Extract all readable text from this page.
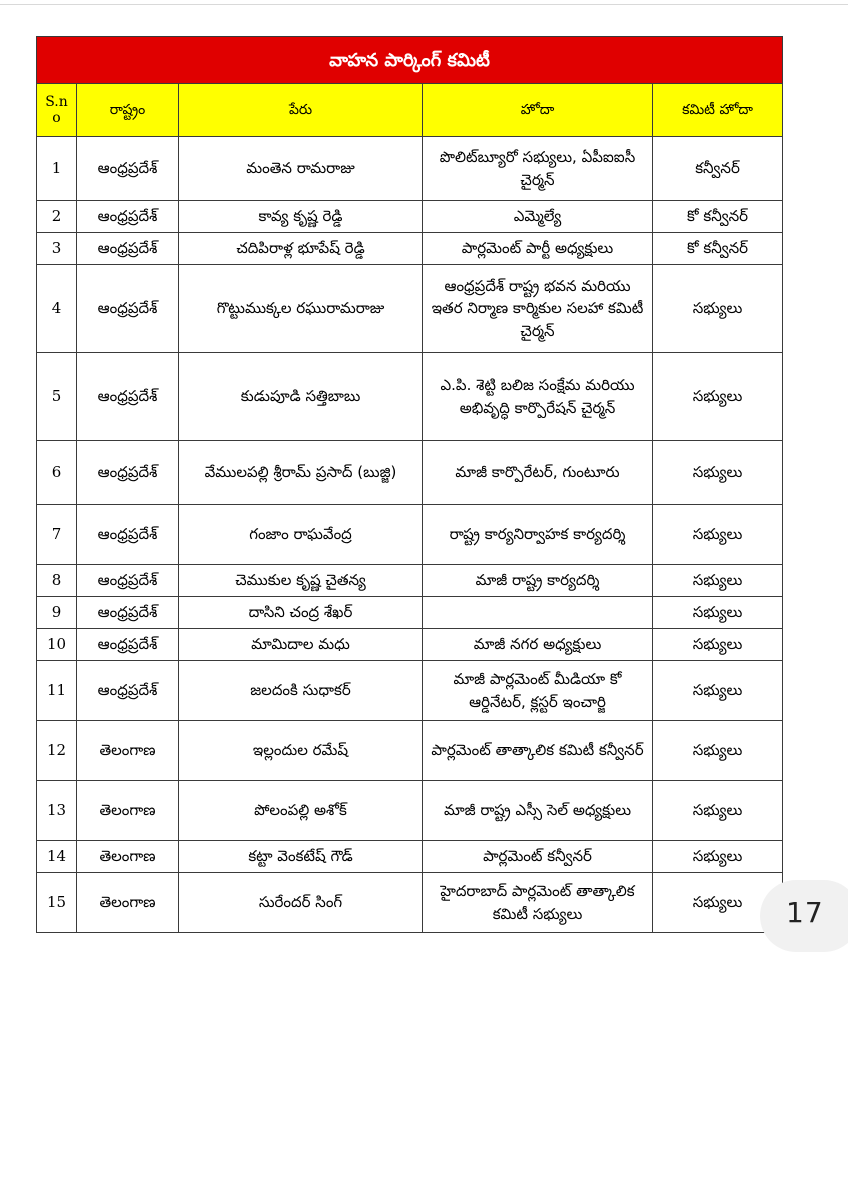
వాహన పార్కింగ్ కమిటీ				
S.n o	రాష్ట్రం	పేరు	హోదా	కమిటీ హోదా
1	ఆంధ్రప్రదేశ్	మంతెన రామరాజు	పొలిట్‌బ్యూరో సభ్యులు, ఏపీఐఐసీ చైర్మన్	కన్వీనర్
2	ఆంధ్రప్రదేశ్	కావ్య కృష్ణ రెడ్డి	ఎమ్మెల్యే	కో కన్వీనర్
3	ఆంధ్రప్రదేశ్	చదిపిరాళ్ల భూపేష్ రెడ్డి	పార్లమెంట్ పార్టీ అధ్యక్షులు	కో కన్వీనర్
4	ఆంధ్రప్రదేశ్	గొట్టుముక్కల రఘురామరాజు	ఆంధ్రప్రదేశ్ రాష్ట్ర భవన మరియు ఇతర నిర్మాణ కార్మికుల సలహా కమిటీ చైర్మన్	సభ్యులు
5	ఆంధ్రప్రదేశ్	కుడుపూడి సత్తిబాబు	ఎ.పి. శెట్టి బలిజ సంక్షేమ మరియు అభివృద్ధి కార్పొరేషన్ చైర్మన్	సభ్యులు
6	ఆంధ్రప్రదేశ్	వేములపల్లి శ్రీరామ్ ప్రసాద్ (బుజ్జి)	మాజీ కార్పొరేటర్, గుంటూరు	సభ్యులు
7	ఆంధ్రప్రదేశ్	గంజాం రాఘవేంద్ర	రాష్ట్ర కార్యనిర్వాహక కార్యదర్శి	సభ్యులు
8	ఆంధ్రప్రదేశ్	చెముకుల కృష్ణ చైతన్య	మాజీ రాష్ట్ర కార్యదర్శి	సభ్యులు
9	ఆంధ్రప్రదేశ్	దాసిని చంద్ర శేఖర్		సభ్యులు
10	ఆంధ్రప్రదేశ్	మామిదాల మధు	మాజీ నగర అధ్యక్షులు	సభ్యులు
11	ఆంధ్రప్రదేశ్	జలదంకి సుధాకర్	మాజీ పార్లమెంట్ మీడియా కో ఆర్డినేటర్, క్లస్టర్ ఇంచార్జి	సభ్యులు
12	తెలంగాణ	ఇల్లందుల రమేష్	పార్లమెంట్ తాత్కాలిక కమిటీ కన్వీనర్	సభ్యులు
13	తెలంగాణ	పోలంపల్లి అశోక్	మాజీ రాష్ట్ర ఎస్సీ సెల్ అధ్యక్షులు	సభ్యులు
14	తెలంగాణ	కట్టా వెంకటేష్ గౌడ్	పార్లమెంట్ కన్వీనర్	సభ్యులు
15	తెలంగాణ	సురేందర్ సింగ్	హైదరాబాద్ పార్లమెంట్ తాత్కాలిక కమిటీ సభ్యులు	సభ్యులు 17
